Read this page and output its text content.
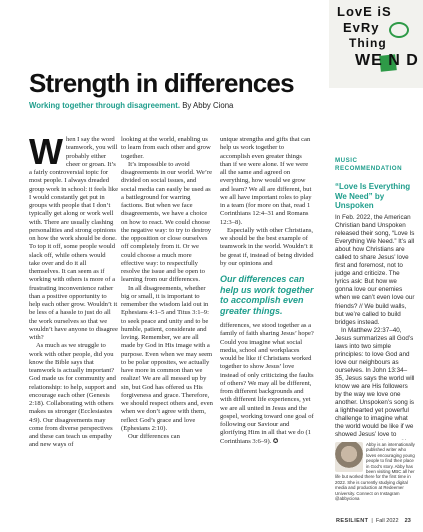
LovE iS
EvRy
Thing
WE N D
Strength in differences
Working together through disagreement. By Abby Ciona

When I say the word teamwork, you will probably either cheer or groan. It’s a fairly controversial topic for most people. I always dreaded group work in school: it feels like I would constantly get put in groups with people that I don’t typically get along or work well with. There are usually clashing personalities and strong opinions on how the work should be done. To top it off, some people would slack off, while others would take over and do it all themselves. It can seem as if working with others is more of a frustrating inconvenience rather than a positive opportunity to help each other grow. Wouldn’t it be less of a hassle to just do all the work ourselves so that we wouldn’t have anyone to disagree with?

As much as we struggle to work with other people, did you know the Bible says that teamwork is actually important? God made us for community and relationship: to help, support and encourage each other (Genesis 2:18). Collaborating with others makes us stronger (Ecclesiastes 4:9). Our disagreements may come from diverse perspectives and these can teach us empathy and new ways of

looking at the world, enabling us to learn from each other and grow together.

It’s impossible to avoid disagreements in our world. We’re divided on social issues, and social media can easily be used as a battleground for warring factions. But when we face disagreements, we have a choice on how to react. We could choose the negative way: to try to destroy the opposition or close ourselves off completely from it. Or we could choose a much more effective way: to respectfully resolve the issue and be open to learning from our differences.

In all disagreements, whether big or small, it is important to remember the wisdom laid out in Ephesians 4:1–5 and Titus 3:1–9: to seek peace and unity and to be humble, patient, considerate and loving. Remember, we are all made by God in His image with a purpose. Even when we may seem to be polar opposites, we actually have more in common than we realize! We are all messed up by sin, but God has offered us His forgiveness and grace. Therefore, we should respect others and, even when we don’t agree with them, reflect God’s grace and love (Ephesians 2:10).

Our differences can

unique strengths and gifts that can help us work together to accomplish even greater things than if we were alone. If we were all the same and agreed on everything, how would we grow and learn? We all are different, but we all have important roles to play in a team (for more on that, read 1 Corinthians 12:4–31 and Romans 12:3–8).

Especially with other Christians, we should be the best example of teamwork in the world. Wouldn’t it be great if, instead of being divided by our opinions and

Our differences can help us work together to accomplish even greater things.

differences, we stood together as a family of faith sharing Jesus’ hope? Could you imagine what social media, school and workplaces would be like if Christians worked together to show Jesus’ love instead of only criticizing the faults of others? We may all be different, from different backgrounds and with different life experiences, yet we are all united in Jesus and the gospel, working toward one goal of following our Saviour and glorifying Him in all that we do (1 Corinthians 3:6–9). ✪

MUSIC RECOMMENDATION
“Love Is Everything We Need” by Unspoken

In Feb. 2022, the American Christian band Unspoken released their song, “Love Is Everything We Need.” It’s all about how Christians are called to share Jesus’ love first and foremost, not to judge and criticize. The lyrics ask: But how we gonna love our enemies when we can’t even love our friends? // We build walls, but we’re called to build bridges instead.

In Matthew 22:37–40, Jesus summarizes all God’s laws into two simple principles: to love God and love our neighbours as ourselves. In John 13:34–35, Jesus says the world will know we are His followers by the way we love one another. Unspoken’s song is a lighthearted yet powerful challenge to imagine what the world would be like if we showed Jesus’ love to

Abby is an internationally published writer who loves encouraging young people to find their place in God’s story. Abby has been visiting MBC all her life but worked there for the first time in 2022. She is currently studying digital media and production at Redeemer University. Connect on Instagram @abbyciona
RESILIENT  |  Fall 2022 23
